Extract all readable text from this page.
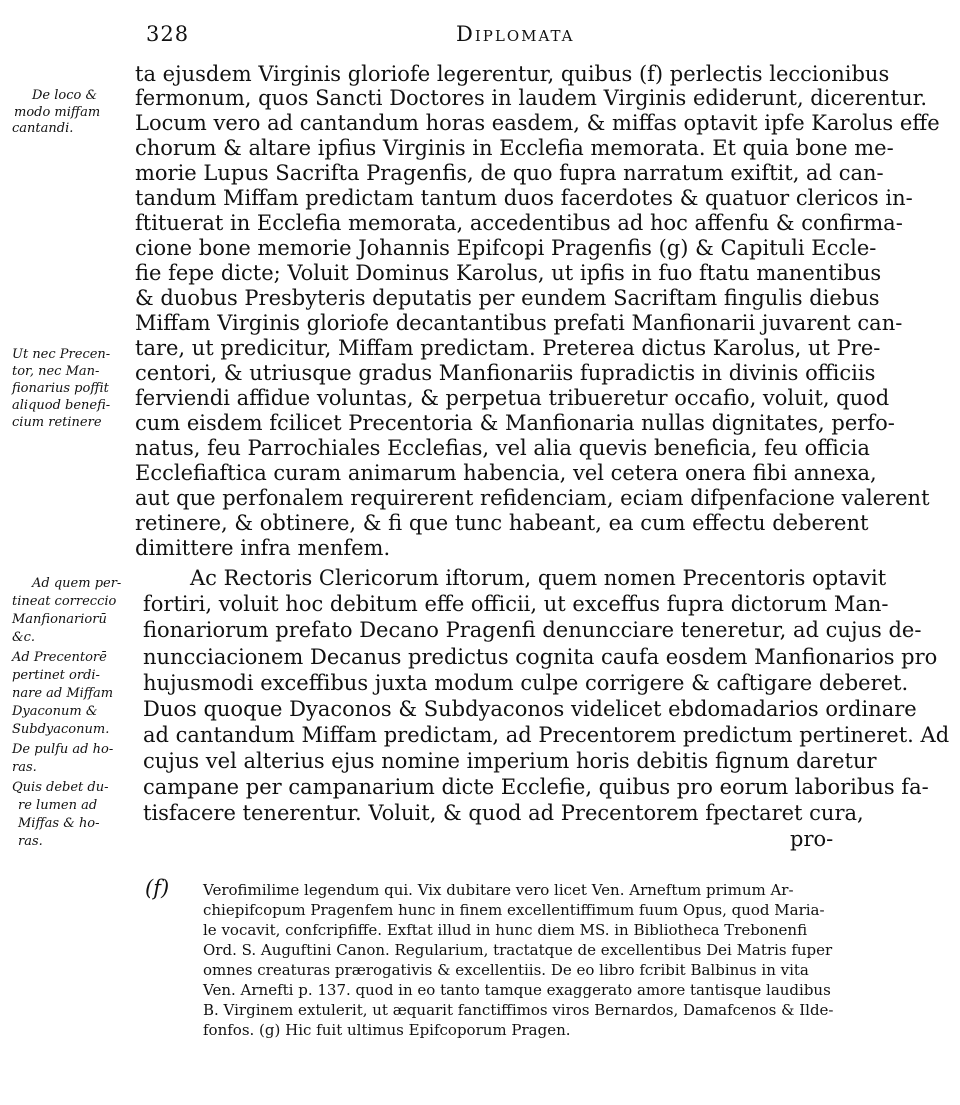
328	Diplomata
ta ejusdem Virginis gloriofe legerentur, quibus (f) perlectis leccionibus
fermonum, quos Sancti Doctores in laudem Virginis ediderunt, dicerentur.
Locum vero ad cantandum horas easdem, & miffas optavit ipfe Karolus effe
chorum & altare ipfius Virginis in Ecclefia memorata. Et quia bone me-
morie Lupus Sacrifta Pragenfis, de quo fupra narratum exiftit, ad can-
tandum Miffam predictam tantum duos facerdotes & quatuor clericos in-
ftituerat in Ecclefia memorata, accedentibus ad hoc affenfu & confirma-
cione bone memorie Johannis Epifcopi Pragenfis (g) & Capituli Eccle-
fie fepe dicte; Voluit Dominus Karolus, ut ipfis in fuo ftatu manentibus
& duobus Presbyteris deputatis per eundem Sacriftam fingulis diebus
Miffam Virginis gloriofe decantantibus prefati Manfionarii juvarent can-
tare, ut predicitur, Miffam predictam. Preterea dictus Karolus, ut Pre-
centori, & utriusque gradus Manfionariis fupradictis in divinis officiis
ferviendi affidue voluntas, & perpetua tribueretur occafio, voluit, quod
cum eisdem fcilicet Precentoria & Manfionaria nullas dignitates, perfo-
natus, feu Parrochiales Ecclefias, vel alia quevis beneficia, feu officia
Ecclefiaftica curam animarum habencia, vel cetera onera fibi annexa,
aut que perfonalem requirerent refidenciam, eciam difpenfacione valerent
retinere, & obtinere, & fi que tunc habeant, ea cum effectu deberent
dimittere infra menfem.
Ac Rectoris Clericorum iftorum, quem nomen Precentoris optavit
fortiri, voluit hoc debitum effe officii, ut exceffus fupra dictorum Man-
fionariorum prefato Decano Pragenfi denuncciare teneretur, ad cujus de-
nuncciacionem Decanus predictus cognita caufa eosdem Manfionarios pro
hujusmodi exceffibus juxta modum culpe corrigere & caftigare deberet.
Duos quoque Dyaconos & Subdyaconos videlicet ebdomadarios ordinare
ad cantandum Miffam predictam, ad Precentorem predictum pertineret. Ad
cujus vel alterius ejus nomine imperium horis debitis fignum daretur
campane per campanarium dicte Ecclefie, quibus pro eorum laboribus fa-
tisfacere tenerentur. Voluit, & quod ad Precentorem fpectaret cura,
pro-
De loco &
modo miffam
cantandi.
Ut nec Precen-
tor, nec Man-
fionarius poffit
aliquod benefi-
cium retinere
Ad quem per-
tineat correccio
Manfionariorū
&c.
Ad Precentorē
pertinet ordi-
nare ad Miffam
Dyaconum &
Subdyaconum.
De pulfu ad ho-
ras.
Quis debet du-
re lumen ad
Miffas & ho-
ras.
(f) Verofimilime legendum qui. Vix dubitare vero licet Ven. Arneftum primum Ar-
chiepifcopum Pragenfem hunc in finem excellentiffimum fuum Opus, quod Maria-
le vocavit, confcripfiffe. Exftat illud in hunc diem MS. in Bibliotheca Trebonenfi
Ord. S. Auguftini Canon. Regularium, tractatque de excellentibus Dei Matris fuper
omnes creaturas prærogativis & excellentiis. De eo libro fcribit Balbinus in vita
Ven. Arnefti p. 137. quod in eo tanto tamque exaggerato amore tantisque laudibus
B. Virginem extulerit, ut æquarit fanctiffimos viros Bernardos, Damafcenos & Ilde-
fonfos. (g) Hic fuit ultimus Epifcoporum Pragen.
